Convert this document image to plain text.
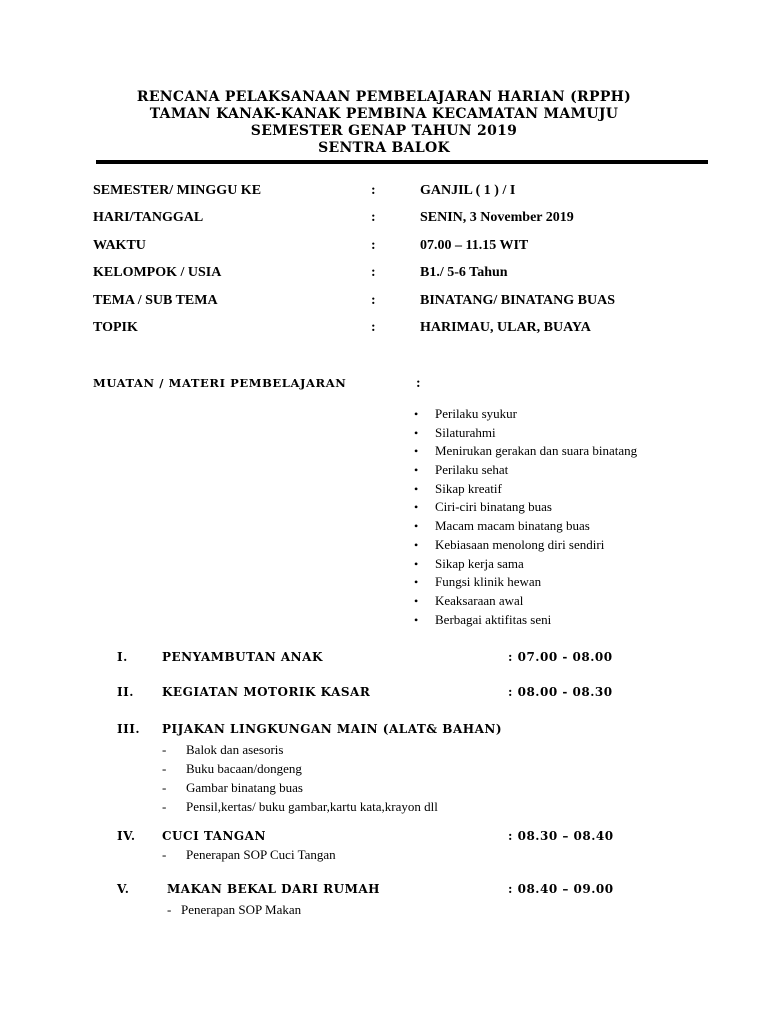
RENCANA PELAKSANAAN PEMBELAJARAN HARIAN (RPPH)
TAMAN KANAK-KANAK PEMBINA KECAMATAN MAMUJU
SEMESTER GENAP TAHUN 2019
SENTRA BALOK
SEMESTER/ MINGGU KE	:	GANJIL ( 1 ) / I
HARI/TANGGAL	:	SENIN, 3 November 2019
WAKTU	:	07.00 – 11.15 WIT
KELOMPOK / USIA	:	B1./ 5-6 Tahun
TEMA / SUB TEMA	:	BINATANG/ BINATANG BUAS
TOPIK	:	HARIMAU, ULAR, BUAYA
MUATAN / MATERI PEMBELAJARAN	:
• Perilaku syukur
• Silaturahmi
• Menirukan gerakan dan suara binatang
• Perilaku sehat
• Sikap kreatif
• Ciri-ciri binatang buas
• Macam macam binatang buas
• Kebiasaan menolong diri sendiri
• Sikap kerja sama
• Fungsi klinik hewan
• Keaksaraan awal
• Berbagai aktifitas seni
I.	PENYAMBUTAN ANAK	: 07.00 - 08.00
II. KEGIATAN MOTORIK KASAR	: 08.00 - 08.30
III. PIJAKAN LINGKUNGAN MAIN (ALAT& BAHAN)
- Balok dan asesoris
- Buku bacaan/dongeng
- Gambar binatang buas
- Pensil,kertas/ buku gambar,kartu kata,krayon dll
IV. CUCI TANGAN	: 08.30 – 08.40
- Penerapan SOP Cuci Tangan
V.	MAKAN BEKAL DARI RUMAH	: 08.40 – 09.00
- Penerapan SOP Makan
